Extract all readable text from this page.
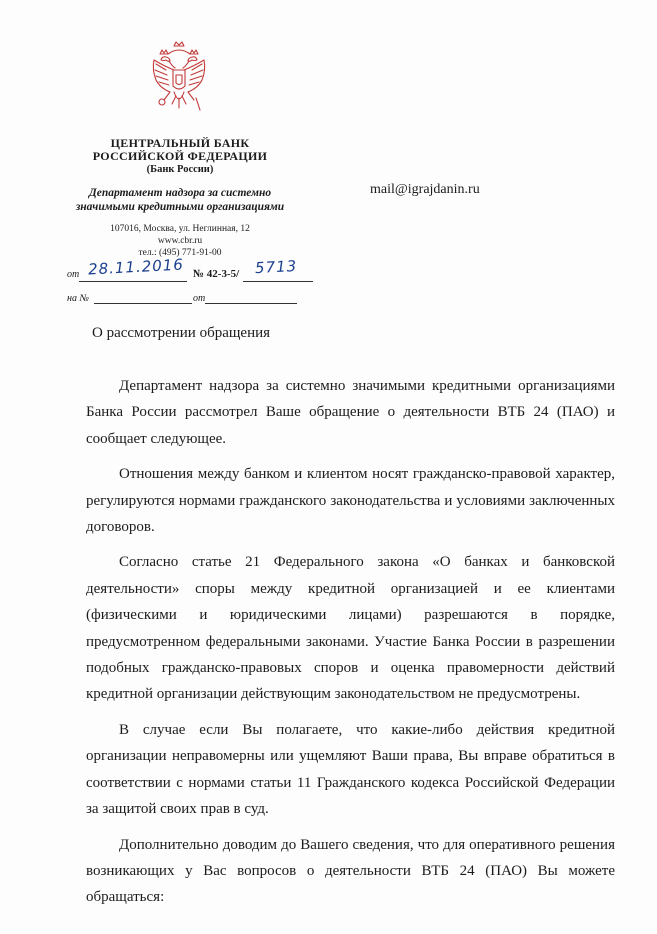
ЦЕНТРАЛЬНЫЙ БАНК
РОССИЙСКОЙ ФЕДЕРАЦИИ
(Банк России)
Департамент надзора за системно
значимыми кредитными организациями
107016, Москва, ул. Неглинная, 12
www.cbr.ru
тел.: (495) 771-91-00
mail@igrajdanin.ru
от 28.11.2016 № 42-3-5/ 5713
на №	от
О рассмотрении обращения

Департамент надзора за системно значимыми кредитными организациями Банка России рассмотрел Ваше обращение о деятельности ВТБ 24 (ПАО) и сообщает следующее.

Отношения между банком и клиентом носят гражданско-правовой характер, регулируются нормами гражданского законодательства и условиями заключенных договоров.

Согласно статье 21 Федерального закона «О банках и банковской деятельности» споры между кредитной организацией и ее клиентами (физическими и юридическими лицами) разрешаются в порядке, предусмотренном федеральными законами. Участие Банка России в разрешении подобных гражданско-правовых споров и оценка правомерности действий кредитной организации действующим законодательством не предусмотрены.

В случае если Вы полагаете, что какие-либо действия кредитной организации неправомерны или ущемляют Ваши права, Вы вправе обратиться в соответствии с нормами статьи 11 Гражданского кодекса Российской Федерации за защитой своих прав в суд.

Дополнительно доводим до Вашего сведения, что для оперативного решения возникающих у Вас вопросов о деятельности ВТБ 24 (ПАО) Вы можете обращаться:
